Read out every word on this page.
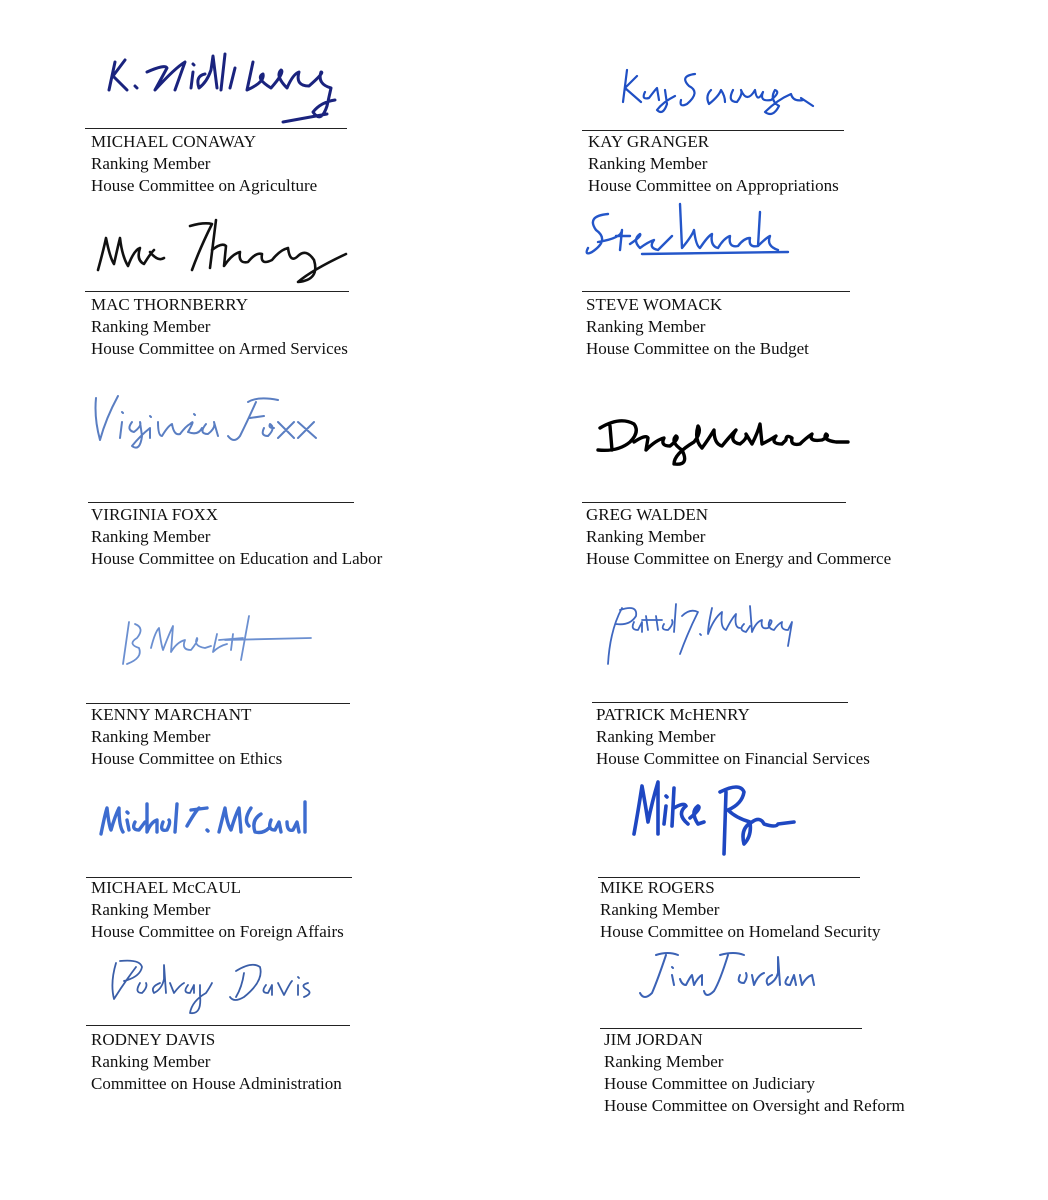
MICHAEL CONAWAY
Ranking Member
House Committee on Agriculture
KAY GRANGER
Ranking Member
House Committee on Appropriations
MAC THORNBERRY
Ranking Member
House Committee on Armed Services
STEVE WOMACK
Ranking Member
House Committee on the Budget
VIRGINIA FOXX
Ranking Member
House Committee on Education and Labor
GREG WALDEN
Ranking Member
House Committee on Energy and Commerce
KENNY MARCHANT
Ranking Member
House Committee on Ethics
PATRICK McHENRY
Ranking Member
House Committee on Financial Services
MICHAEL McCAUL
Ranking Member
House Committee on Foreign Affairs
MIKE ROGERS
Ranking Member
House Committee on Homeland Security
RODNEY DAVIS
Ranking Member
Committee on House Administration
JIM JORDAN
Ranking Member
House Committee on Judiciary
House Committee on Oversight and Reform
